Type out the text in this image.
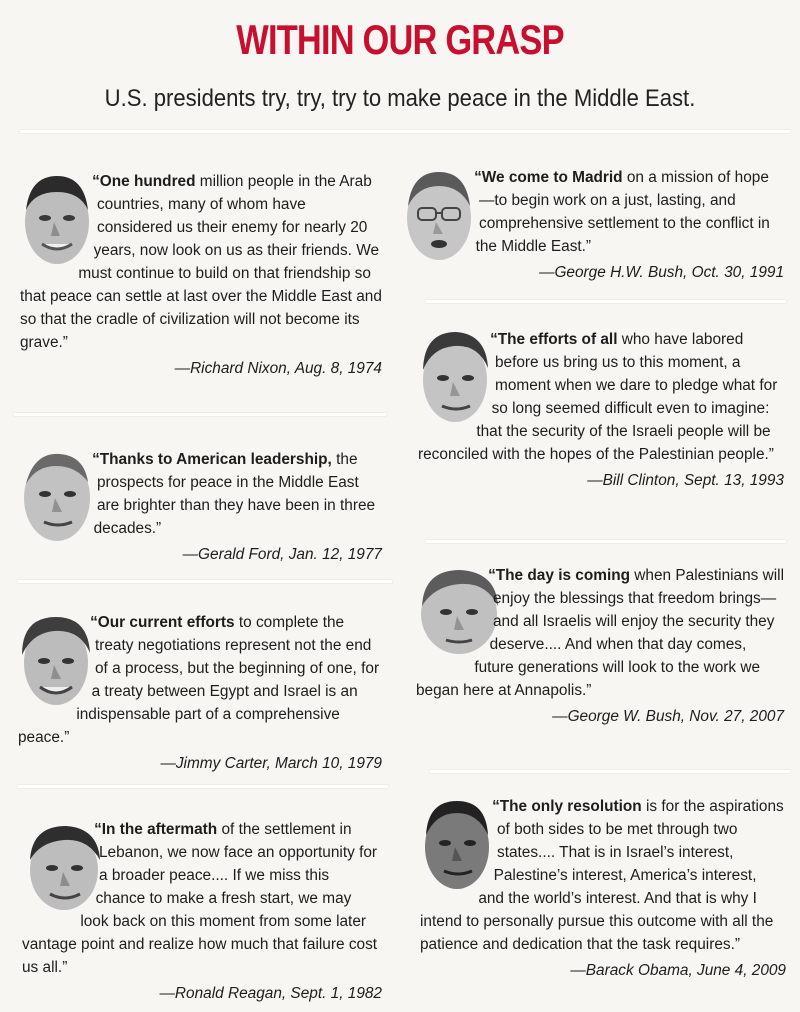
WITHIN OUR GRASP
U.S. presidents try, try, try to make peace in the Middle East.

“One hundred million people in the Arab countries, many of whom have considered us their enemy for nearly 20 years, now look on us as their friends. We must continue to build on that friendship so that peace can settle at last over the Middle East and so that the cradle of civilization will not become its grave.”

—Richard Nixon, Aug. 8, 1974

“Thanks to American leadership, the prospects for peace in the Middle East are brighter than they have been in three decades.”

—Gerald Ford, Jan. 12, 1977

“Our current efforts to complete the treaty negotiations represent not the end of a process, but the beginning of one, for a treaty between Egypt and Israel is an indispensable part of a comprehensive peace.”

—Jimmy Carter, March 10, 1979

“In the aftermath of the settlement in Lebanon, we now face an opportunity for a broader peace.... If we miss this chance to make a fresh start, we may look back on this moment from some later vantage point and realize how much that failure cost us all.”

—Ronald Reagan, Sept. 1, 1982

“We come to Madrid on a mission of hope—to begin work on a just, lasting, and comprehensive settlement to the conflict in the Middle East.”

—George H.W. Bush, Oct. 30, 1991

“The efforts of all who have labored before us bring us to this moment, a moment when we dare to pledge what for so long seemed difficult even to imagine: that the security of the Israeli people will be reconciled with the hopes of the Palestinian people.”

—Bill Clinton, Sept. 13, 1993

“The day is coming when Palestinians will enjoy the blessings that freedom brings—and all Israelis will enjoy the security they deserve.... And when that day comes, future generations will look to the work we began here at Annapolis.”

—George W. Bush, Nov. 27, 2007

“The only resolution is for the aspirations of both sides to be met through two states.... That is in Israel’s interest, Palestine’s interest, America’s interest, and the world’s interest. And that is why I intend to personally pursue this outcome with all the patience and dedication that the task requires.”

—Barack Obama, June 4, 2009
